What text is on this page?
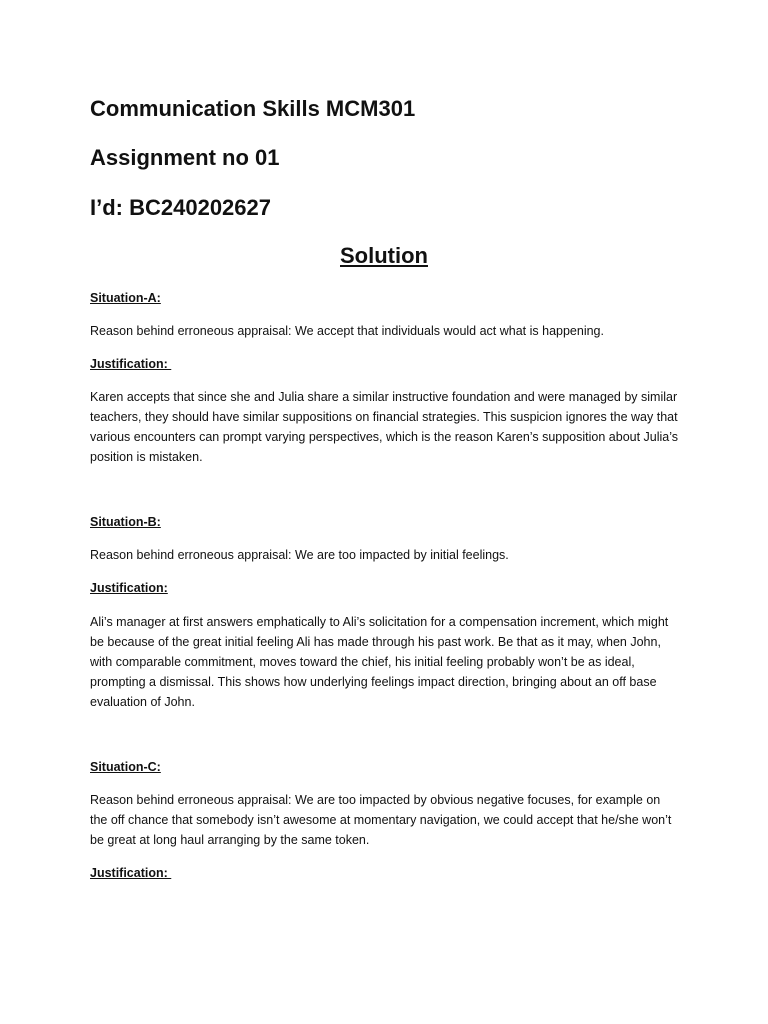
Communication Skills MCM301
Assignment no 01
I’d: BC240202627
Solution
Situation-A:
Reason behind erroneous appraisal: We accept that individuals would act what is happening.
Justification:
Karen accepts that since she and Julia share a similar instructive foundation and were managed by similar teachers, they should have similar suppositions on financial strategies. This suspicion ignores the way that various encounters can prompt varying perspectives, which is the reason Karen’s supposition about Julia’s position is mistaken.
Situation-B:
Reason behind erroneous appraisal: We are too impacted by initial feelings.
Justification:
Ali’s manager at first answers emphatically to Ali’s solicitation for a compensation increment, which might be because of the great initial feeling Ali has made through his past work. Be that as it may, when John, with comparable commitment, moves toward the chief, his initial feeling probably won’t be as ideal, prompting a dismissal. This shows how underlying feelings impact direction, bringing about an off base evaluation of John.
Situation-C:
Reason behind erroneous appraisal: We are too impacted by obvious negative focuses, for example on the off chance that somebody isn’t awesome at momentary navigation, we could accept that he/she won’t be great at long haul arranging by the same token.
Justification:
